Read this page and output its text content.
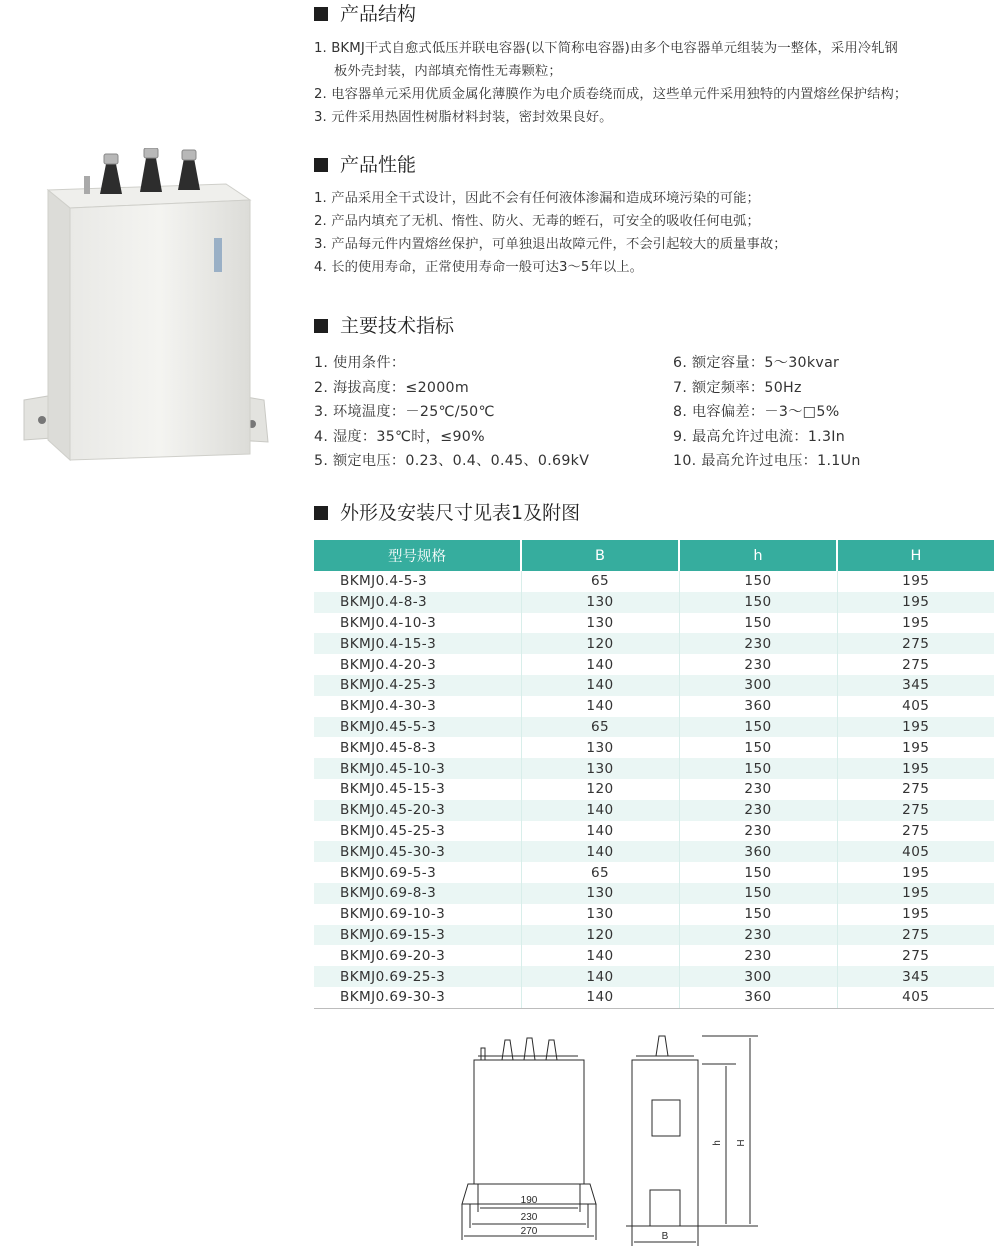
产品结构
1. BKMJ干式自愈式低压并联电容器(以下简称电容器)由多个电容器单元组装为一整体，采用冷轧钢
板外壳封装，内部填充惰性无毒颗粒；
2. 电容器单元采用优质金属化薄膜作为电介质卷绕而成，这些单元件采用独特的内置熔丝保护结构；
3. 元件采用热固性树脂材料封装，密封效果良好。
产品性能
1. 产品采用全干式设计，因此不会有任何液体渗漏和造成环境污染的可能；
2. 产品内填充了无机、惰性、防火、无毒的蛭石，可安全的吸收任何电弧；
3. 产品每元件内置熔丝保护，可单独退出故障元件，不会引起较大的质量事故；
4. 长的使用寿命，正常使用寿命一般可达3～5年以上。
主要技术指标
1. 使用条件：
2. 海拔高度：≤2000m
3. 环境温度：－25℃/50℃
4. 湿度：35℃时，≤90%
5. 额定电压：0.23、0.4、0.45、0.69kV
6. 额定容量：5～30kvar
7. 额定频率：50Hz
8. 电容偏差：－3～□5%
9. 最高允许过电流：1.3In
10. 最高允许过电压：1.1Un
外形及安装尺寸见表1及附图
型号规格	B	h	H
BKMJ0.4-5-3	65	150	195
BKMJ0.4-8-3	130	150	195
BKMJ0.4-10-3	130	150	195
BKMJ0.4-15-3	120	230	275
BKMJ0.4-20-3	140	230	275
BKMJ0.4-25-3	140	300	345
BKMJ0.4-30-3	140	360	405
BKMJ0.45-5-3	65	150	195
BKMJ0.45-8-3	130	150	195
BKMJ0.45-10-3	130	150	195
BKMJ0.45-15-3	120	230	275
BKMJ0.45-20-3	140	230	275
BKMJ0.45-25-3	140	230	275
BKMJ0.45-30-3	140	360	405
BKMJ0.69-5-3	65	150	195
BKMJ0.69-8-3	130	150	195
BKMJ0.69-10-3	130	150	195
BKMJ0.69-15-3	120	230	275
BKMJ0.69-20-3	140	230	275
BKMJ0.69-25-3	140	300	345
BKMJ0.69-30-3	140	360	405
190
230
270	B
h H
